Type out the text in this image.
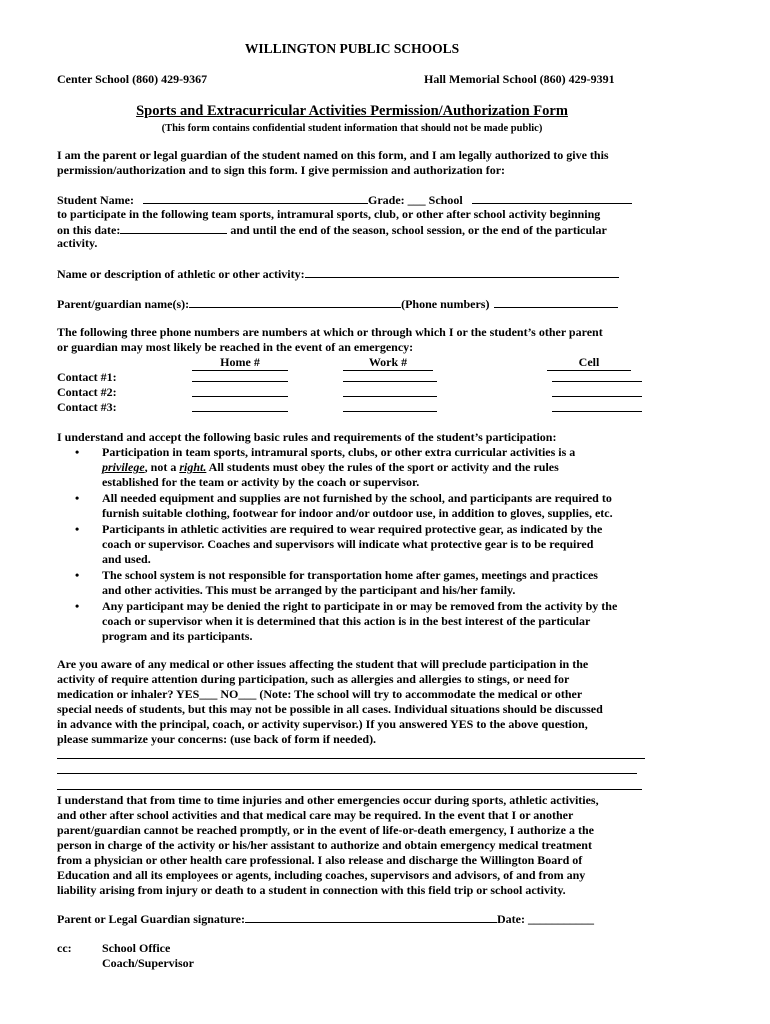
WILLINGTON PUBLIC SCHOOLS
Center School (860) 429-9367	Hall Memorial School (860) 429-9391
Sports and Extracurricular Activities Permission/Authorization Form
(This form contains confidential student information that should not be made public)
I am the parent or legal guardian of the student named on this form, and I am legally authorized to give this
permission/authorization and to sign this form. I give permission and authorization for:
Student Name:	Grade: ___ School
to participate in the following team sports, intramural sports, club, or other after school activity beginning
on this date:	and until the end of the season, school session, or the end of the particular
activity.
Name or description of athletic or other activity:
Parent/guardian name(s):	(Phone numbers)
The following three phone numbers are numbers at which or through which I or the student’s other parent
or guardian may most likely be reached in the event of an emergency:
Home #	Work #	Cell
Contact #1:
Contact #2:
Contact #3:
I understand and accept the following basic rules and requirements of the student’s participation:
• Participation in team sports, intramural sports, clubs, or other extra curricular activities is a
privilege, not a right. All students must obey the rules of the sport or activity and the rules
established for the team or activity by the coach or supervisor.
• All needed equipment and supplies are not furnished by the school, and participants are required to
furnish suitable clothing, footwear for indoor and/or outdoor use, in addition to gloves, supplies, etc.
• Participants in athletic activities are required to wear required protective gear, as indicated by the
coach or supervisor. Coaches and supervisors will indicate what protective gear is to be required
and used.
• The school system is not responsible for transportation home after games, meetings and practices
and other activities. This must be arranged by the participant and his/her family.
• Any participant may be denied the right to participate in or may be removed from the activity by the
coach or supervisor when it is determined that this action is in the best interest of the particular
program and its participants.
Are you aware of any medical or other issues affecting the student that will preclude participation in the
activity of require attention during participation, such as allergies and allergies to stings, or need for
medication or inhaler? YES___ NO___ (Note: The school will try to accommodate the medical or other
special needs of students, but this may not be possible in all cases. Individual situations should be discussed
in advance with the principal, coach, or activity supervisor.) If you answered YES to the above question,
please summarize your concerns: (use back of form if needed).
I understand that from time to time injuries and other emergencies occur during sports, athletic activities,
and other after school activities and that medical care may be required. In the event that I or another
parent/guardian cannot be reached promptly, or in the event of life-or-death emergency, I authorize a the
person in charge of the activity or his/her assistant to authorize and obtain emergency medical treatment
from a physician or other health care professional. I also release and discharge the Willington Board of
Education and all its employees or agents, including coaches, supervisors and advisors, of and from any
liability arising from injury or death to a student in connection with this field trip or school activity.
Parent or Legal Guardian signature:	Date: ___________
cc:	School Office
Coach/Supervisor
